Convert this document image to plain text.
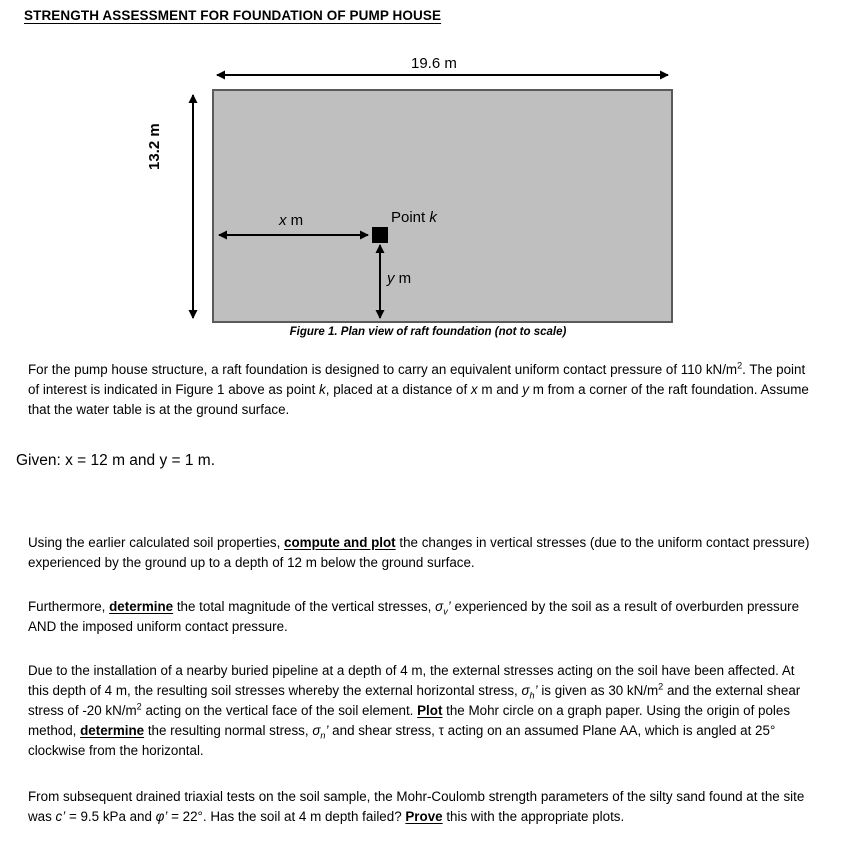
STRENGTH ASSESSMENT FOR FOUNDATION OF PUMP HOUSE
19.6 m
13.2 m
x m
y m
Point k
Figure 1. Plan view of raft foundation (not to scale)
For the pump house structure, a raft foundation is designed to carry an equivalent uniform contact pressure of 110 $kN/m^2$. The point of interest is indicated in Figure 1 above as point k, placed at a distance of x m and y m from a corner of the raft foundation. Assume that the water table is at the ground surface.
Given: x = 12 m and y = 1 m.
Using the earlier calculated soil properties, compute and plot the changes in vertical stresses (due to the uniform contact pressure) experienced by the ground up to a depth of 12 m below the ground surface.
Furthermore, determine the total magnitude of the vertical stresses, $\sigma_v$’ experienced by the soil as a result of overburden pressure AND the imposed uniform contact pressure.
Due to the installation of a nearby buried pipeline at a depth of 4 m, the external stresses acting on the soil have been affected. At this depth of 4 m, the resulting soil stresses whereby the external horizontal stress, $\sigma_h$’ is given as 30 $kN/m^2$ and the external shear stress of -20 $kN/m^2$ acting on the vertical face of the soil element. Plot the Mohr circle on a graph paper. Using the origin of poles method, determine the resulting normal stress, $\sigma_n$’ and shear stress, τ acting on an assumed Plane AA, which is angled at 25° clockwise from the horizontal.
From subsequent drained triaxial tests on the soil sample, the Mohr-Coulomb strength parameters of the silty sand found at the site was c’ = 9.5 kPa and φ’ = 22°. Has the soil at 4 m depth failed? Prove this with the appropriate plots.
